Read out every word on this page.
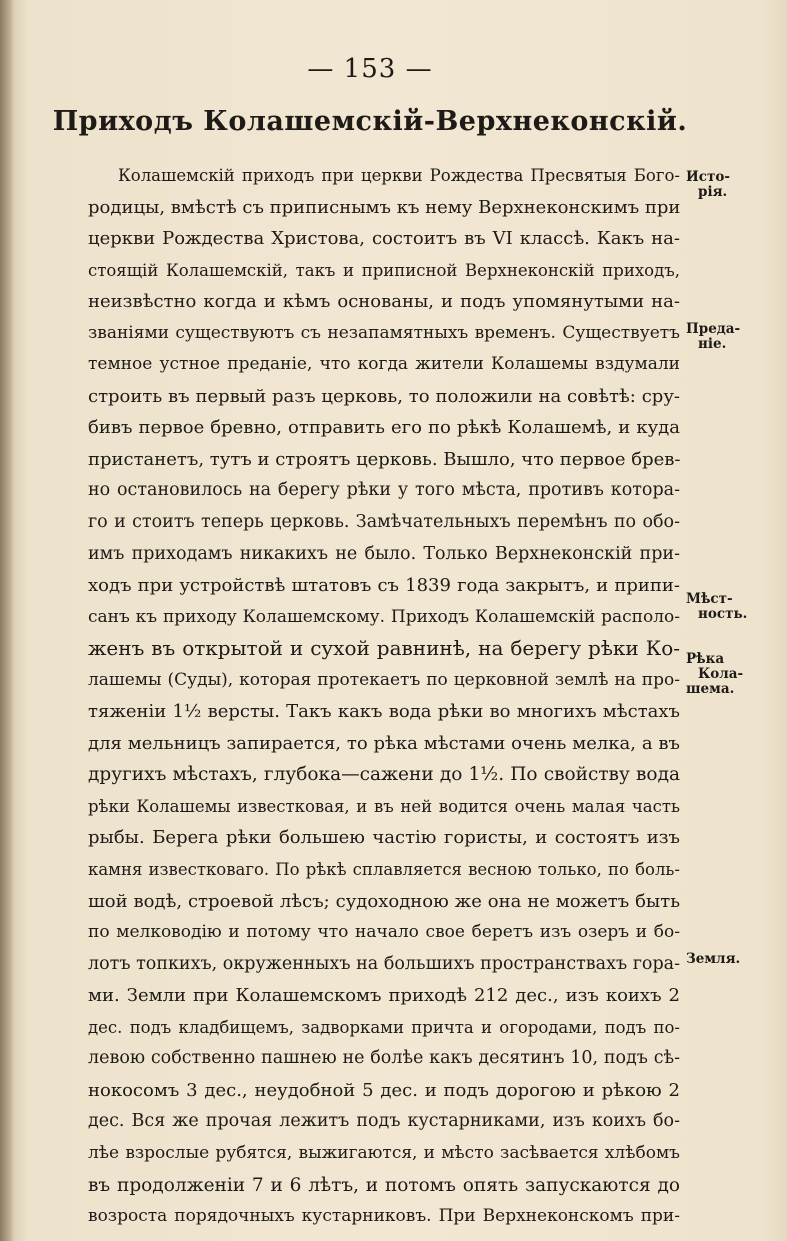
— 153 —
Приходъ Колашемскій-Верхнеконскій.
Колашемскій приходъ при церкви Рождества Пресвятыя Бого-
родицы, вмѣстѣ съ приписнымъ къ нему Верхнеконскимъ при
церкви Рождества Христова, состоитъ въ VI классѣ. Какъ на-
стоящій Колашемскій, такъ и приписной Верхнеконскій приходъ,
неизвѣстно когда и кѣмъ основаны, и подъ упомянутыми на-
званіями существуютъ съ незапамятныхъ временъ. Существуетъ
темное устное преданіе, что когда жители Колашемы вздумали
строить въ первый разъ церковь, то положили на совѣтѣ: сру-
бивъ первое бревно, отправить его по рѣкѣ Колашемѣ, и куда
пристанетъ, тутъ и строятъ церковь. Вышло, что первое брев-
но остановилось на берегу рѣки у того мѣста, противъ котора-
го и стоитъ теперь церковь. Замѣчательныхъ перемѣнъ по обо-
имъ приходамъ никакихъ не было. Только Верхнеконскій при-
ходъ при устройствѣ штатовъ съ 1839 года закрытъ, и припи-
санъ къ приходу Колашемскому. Приходъ Колашемскій располо-
женъ въ открытой и сухой равнинѣ, на берегу рѣки Ко-
лашемы (Суды), которая протекаетъ по церковной землѣ на про-
тяженіи 1½ версты. Такъ какъ вода рѣки во многихъ мѣстахъ
для мельницъ запирается, то рѣка мѣстами очень мелка, а въ
другихъ мѣстахъ, глубока—сажени до 1½. По свойству вода
рѣки Колашемы известковая, и въ ней водится очень малая часть
рыбы. Берега рѣки большею частію гористы, и состоятъ изъ
камня известковаго. По рѣкѣ сплавляется весною только, по боль-
шой водѣ, строевой лѣсъ; судоходною же она не можетъ быть
по мелководію и потому что начало свое беретъ изъ озеръ и бо-
лотъ топкихъ, окруженныхъ на большихъ пространствахъ гора-
ми. Земли при Колашемскомъ приходѣ 212 дес., изъ коихъ 2
дес. подъ кладбищемъ, задворками причта и огородами, подъ по-
левою собственно пашнею не болѣе какъ десятинъ 10, подъ сѣ-
нокосомъ 3 дес., неудобной 5 дес. и подъ дорогою и рѣкою 2
дес. Вся же прочая лежитъ подъ кустарниками, изъ коихъ бо-
лѣе взрослые рубятся, выжигаются, и мѣсто засѣвается хлѣбомъ
въ продолженіи 7 и 6 лѣтъ, и потомъ опять запускаются до
возроста порядочныхъ кустарниковъ. При Верхнеконскомъ при-
Исто-
рія.
Преда-
ніе.
Мѣст-
ность.
Рѣка
Кола-
шема.
Земля.
